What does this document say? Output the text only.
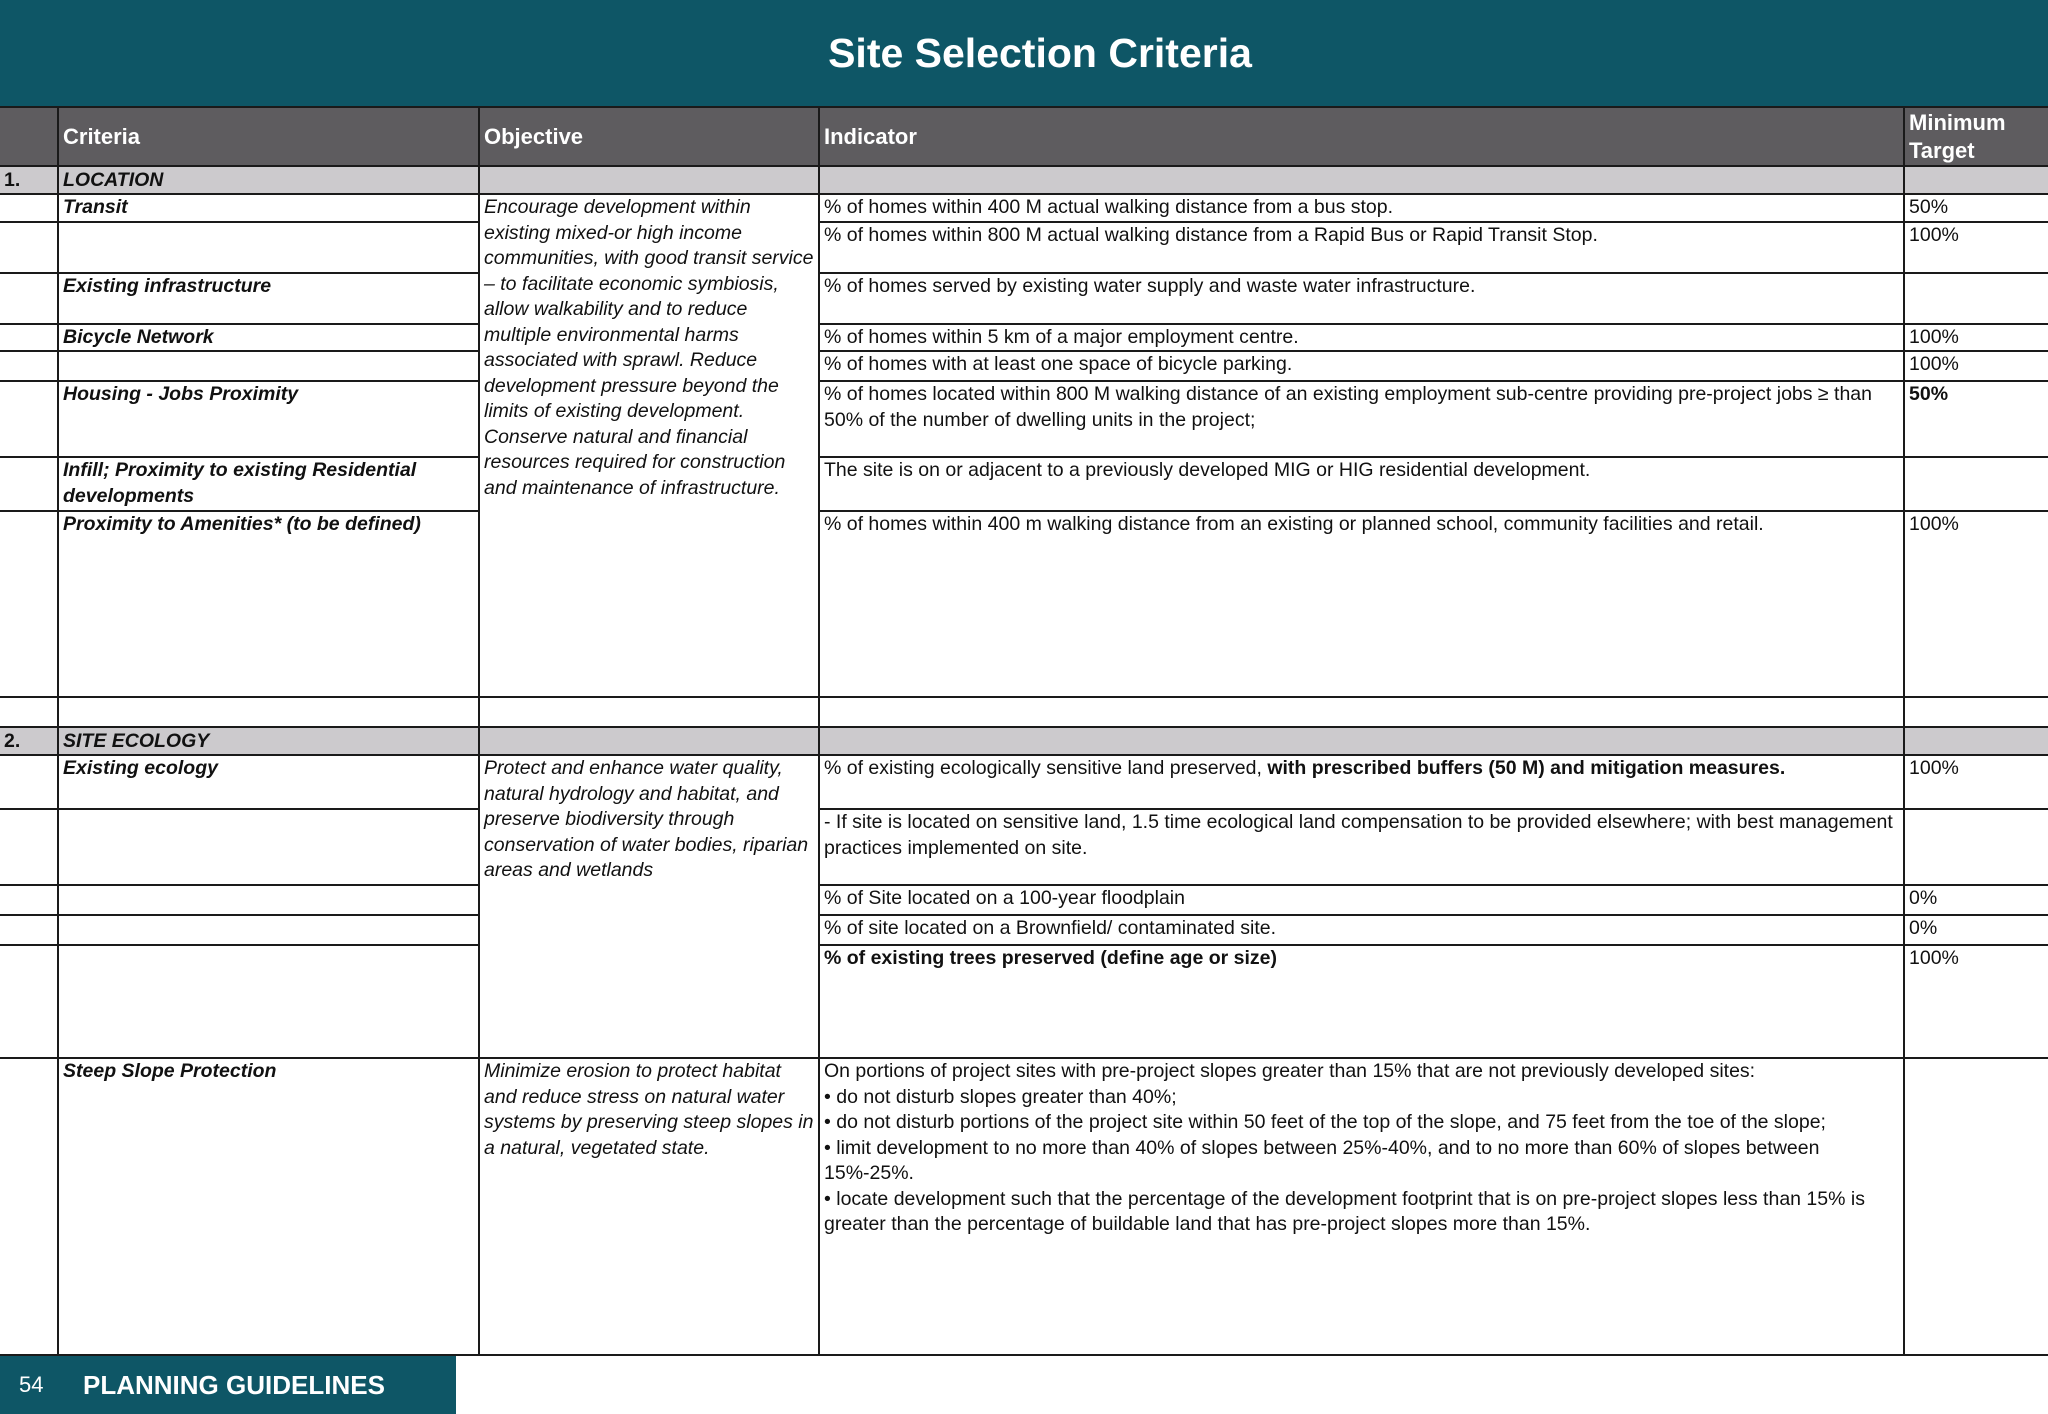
Site Selection Criteria
	Criteria	Objective	Indicator	Minimum Target
1.	LOCATION			
	Transit	Encourage development within existing mixed-or high income communities, with good transit service – to facilitate economic symbiosis, allow walkability and to reduce multiple environmental harms associated with sprawl. Reduce development pressure beyond the limits of existing development. Conserve natural and financial resources required for construction and maintenance of infrastructure.	% of homes within 400 M actual walking distance from a bus stop.	50%
			% of homes within 800 M actual walking distance from a Rapid Bus or Rapid Transit Stop.	100%
	Existing infrastructure		% of homes served by existing water supply and waste water infrastructure.	
	Bicycle Network		% of homes within 5 km of a major employment centre.	100%
			% of homes with at least one space of bicycle parking.	100%
	Housing - Jobs Proximity		% of homes located within 800 M walking distance of an existing employment sub-centre providing pre-project jobs ≥ than 50% of the number of dwelling units in the project;	50%
	Infill; Proximity to existing Residential developments		The site is on or adjacent to a previously developed MIG or HIG residential development.	
	Proximity to Amenities* (to be defined)		% of homes within 400 m walking distance from an existing or planned school, community facilities and retail.	100%

2.	SITE ECOLOGY			
	Existing ecology	Protect and enhance water quality, natural hydrology and habitat, and preserve biodiversity through conservation of water bodies, riparian areas and wetlands	% of existing ecologically sensitive land preserved, with prescribed buffers (50 M) and mitigation measures.	100%
			- If site is located on sensitive land, 1.5 time ecological land compensation to be provided elsewhere; with best management practices implemented on site.	
			% of Site located on a 100-year floodplain	0%
			% of site located on a Brownfield/ contaminated site.	0%
			% of existing trees preserved (define age or size)	100%
	Steep Slope Protection	Minimize erosion to protect habitat and reduce stress on natural water systems by preserving steep slopes in a natural, vegetated state.	On portions of project sites with pre-project slopes greater than 15% that are not previously developed sites:
• do not disturb slopes greater than 40%;
• do not disturb portions of the project site within 50 feet of the top of the slope, and 75 feet from the toe of the slope;
• limit development to no more than 40% of slopes between 25%-40%, and to no more than 60% of slopes between 15%-25%.
• locate development such that the percentage of the development footprint that is on pre-project slopes less than 15% is greater than the percentage of buildable land that has pre-project slopes more than 15%.	

54	PLANNING GUIDELINES
